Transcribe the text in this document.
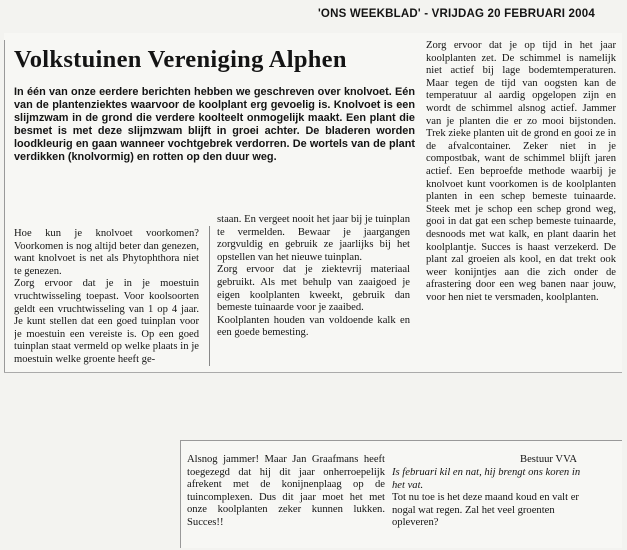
'ONS WEEKBLAD' - VRIJDAG 20 FEBRUARI 2004
Volkstuinen Vereniging Alphen

In één van onze eerdere berichten hebben we geschreven over knolvoet. Eén van de plantenziektes waarvoor de koolplant erg gevoelig is. Knolvoet is een slijmzwam in de grond die verdere koolteelt onmogelijk maakt. Een plant die besmet is met deze slijmzwam blijft in groei achter. De bladeren worden loodkleurig en gaan wanneer vochtgebrek verdorren. De wortels van de plant verdikken (knolvormig) en rotten op den duur weg.

Hoe kun je knolvoet voorkomen? Voorkomen is nog altijd beter dan genezen, want knolvoet is net als Phytophthora niet te genezen.

Zorg ervoor dat je in je moestuin vruchtwisseling toepast. Voor koolsoorten geldt een vruchtwisseling van 1 op 4 jaar. Je kunt stellen dat een goed tuinplan voor je moestuin een vereiste is. Op een goed tuinplan staat vermeld op welke plaats in je moestuin welke groente heeft ge-

staan. En vergeet nooit het jaar bij je tuinplan te vermelden. Bewaar je jaargangen zorgvuldig en gebruik ze jaarlijks bij het opstellen van het nieuwe tuinplan.

Zorg ervoor dat je ziektevrij materiaal gebruikt. Als met behulp van zaaigoed je eigen koolplanten kweekt, gebruik dan bemeste tuinaarde voor je zaaibed.

Koolplanten houden van voldoende kalk en een goede bemesting.

Zorg ervoor dat je op tijd in het jaar koolplanten zet. De schimmel is namelijk niet actief bij lage bodemtemperaturen. Maar tegen de tijd van oogsten kan de temperatuur al aardig opgelopen zijn en wordt de schimmel alsnog actief. Jammer van je planten die er zo mooi bijstonden. Trek zieke planten uit de grond en gooi ze in de afvalcontainer. Zeker niet in je compostbak, want de schimmel blijft jaren actief. Een beproefde methode waarbij je knolvoet kunt voorkomen is de koolplanten planten in een schep bemeste tuinaarde. Steek met je schop een schep grond weg, gooi in dat gat een schep bemeste tuinaarde, desnoods met wat kalk, en plant daarin het koolplantje. Succes is haast verzekerd. De plant zal groeien als kool, en dat trekt ook weer konijntjes aan die zich onder de afrastering door een weg banen naar jouw, voor hen niet te versmaden, koolplanten.

Alsnog jammer! Maar Jan Graafmans heeft toegezegd dat hij dit jaar onherroepelijk afrekent met de konijnenplaag op de tuincomplexen. Dus dit jaar moet het met onze koolplanten zeker kunnen lukken. Succes!!

Bestuur VVA

Is februari kil en nat, hij brengt ons koren in het vat.

Tot nu toe is het deze maand koud en valt er nogal wat regen. Zal het veel groenten opleveren?
